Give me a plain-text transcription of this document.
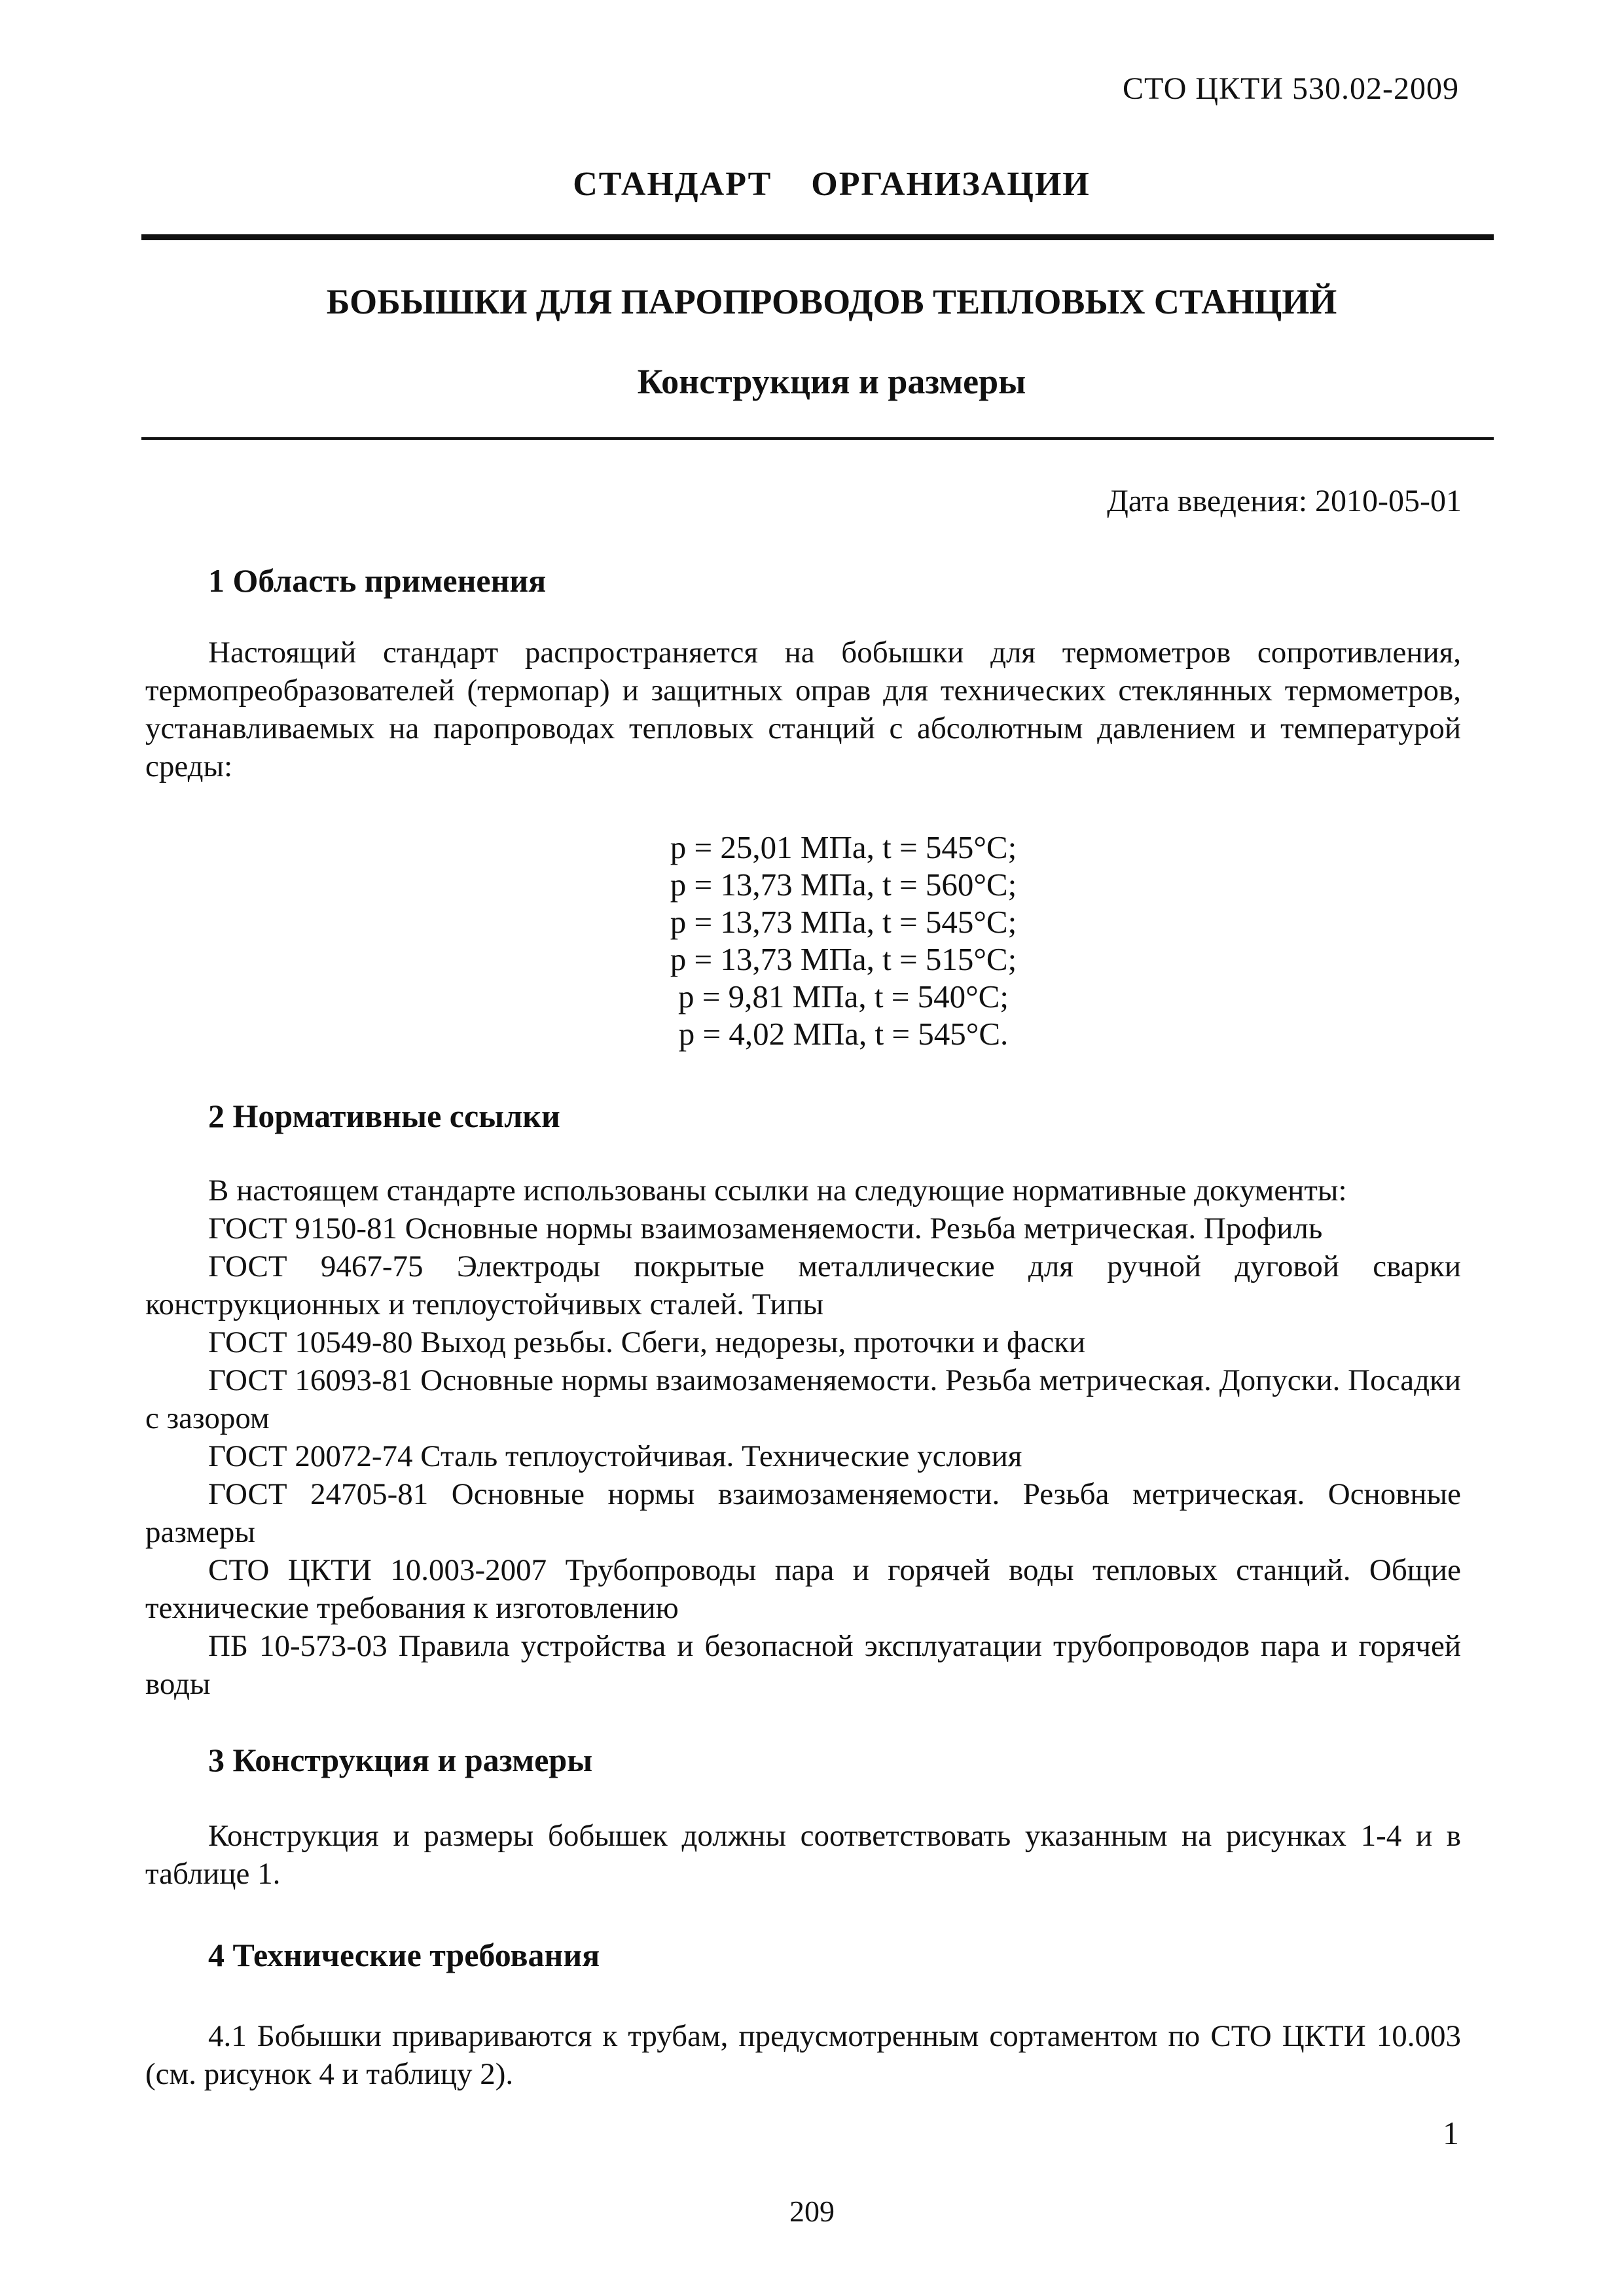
СТО ЦКТИ 530.02-2009
СТАНДАРТ    ОРГАНИЗАЦИИ
БОБЫШКИ ДЛЯ ПАРОПРОВОДОВ ТЕПЛОВЫХ СТАНЦИЙ
Конструкция и размеры
Дата введения: 2010-05-01
1 Область применения
Настоящий стандарт распространяется на бобышки для термометров сопротивления, термопреобразователей (термопар) и защитных оправ для технических стеклянных термометров, устанавливаемых на паропроводах тепловых станций с абсолютным давлением и температурой среды:
р = 25,01 МПа, t = 545°С;
р = 13,73 МПа, t = 560°С;
р = 13,73 МПа, t = 545°С;
р = 13,73 МПа, t = 515°С;
р = 9,81 МПа, t = 540°С;
р = 4,02 МПа, t = 545°С.
2 Нормативные ссылки
В настоящем стандарте использованы ссылки на следующие нормативные документы:
ГОСТ 9150-81 Основные нормы взаимозаменяемости. Резьба метрическая. Профиль
ГОСТ 9467-75 Электроды покрытые металлические для ручной дуговой сварки конструкционных и теплоустойчивых сталей. Типы
ГОСТ 10549-80 Выход резьбы. Сбеги, недорезы, проточки и фаски
ГОСТ 16093-81 Основные нормы взаимозаменяемости. Резьба метрическая. Допуски. Посадки с зазором
ГОСТ 20072-74 Сталь теплоустойчивая. Технические условия
ГОСТ 24705-81 Основные нормы взаимозаменяемости. Резьба метрическая. Основные размеры
СТО ЦКТИ 10.003-2007 Трубопроводы пара и горячей воды тепловых станций. Общие технические требования к изготовлению
ПБ 10-573-03 Правила устройства и безопасной эксплуатации трубопроводов пара и горячей воды
3 Конструкция и размеры
Конструкция и размеры бобышек должны соответствовать указанным на рисунках 1-4 и в таблице 1.
4 Технические требования
4.1 Бобышки привариваются к трубам, предусмотренным сортаментом по СТО ЦКТИ 10.003 (см. рисунок 4 и таблицу 2).
1
209
